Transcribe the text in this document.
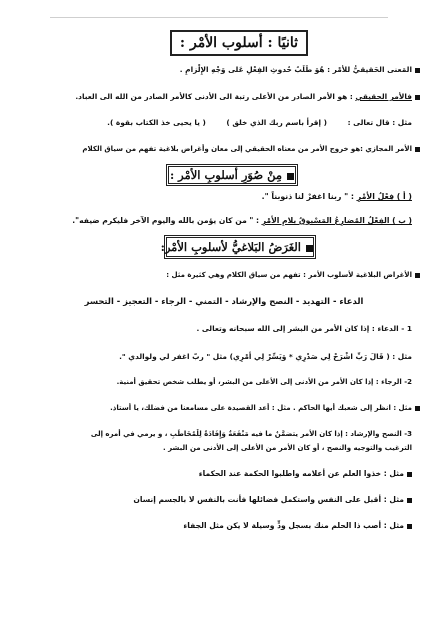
ثانيًا : أسلوب الأمْر :
المَعنى الحَقيقيُّ للأمْر : هُوَ طَلَبُ حُدوثِ الفِعْلِ عَلى وَجْهِ الإِلْزامِ .
فالأمر الحقيقي : هو الأمر الصادر من الأعلى رتبة الى الأدنى كالأمر الصادر من الله الى العباد.
مثل : قال تعالى : ( إقرأ باسم ربك الذي خلق ) ( يا يحيى خذ الكتاب بقوة ).
الأمر المجازي :هو خروج الأمر من معناه الحقيقي إلى معان وأغراض بلاغية تفهم من سياق الكلام
مِنْ صُوَرِ أسلوبِ الأمْر :
( أ ) فِعْلُ الأمْرِ : " ربنا اغفرْ لنا ذنوبناً ".
( ب ) الفِعْلُ المُضارِعُ المَسْبوقُ بلامِ الأمْرِ : " من كان يؤمن بالله واليوم الآخر فليكرم ضيفه".
الغَرَضُ البَلاغيُّ لأسلوبِ الأمْر:
الأغراض البلاغية لأسلوب الأمر : تفهم من سياق الكلام وهي كثيرة مثل :
الدعاء - التهديد - النصح والإرشاد - التمني - الرجاء - التعجيز - التحسر
1 - الدعاء : إذا كان الأمر من البشر إلى الله سبحانه وتعالى .
مثل : ( قَالَ رَبِّ اشْرَحْ لِي صَدْرِي * وَيَسِّرْ لِي أَمْرِي) مثل " ربّ اغفر لي ولوالدي ".
2- الرجاء : إذا كان الأمر من الأدنى إلى الأعلى من البشر، أو يطلب شخص تحقيق أمنية.
مثل : انظر إلى شعبك أيها الحاكم . مثل : أعد القصيدة على مسامعنا من فضلك، يا أستاذ.
3- النصح والإرشاد : إذا كان الأمر يتضمَّنُ ما فيه مَنْفَعَةٌ وَإِفَادَةٌ لِلْمُخَاطَبِ ، و يرمي في أمره إلى
الترغيب والتوجيه والنصح ، أو كان الأمر من الأعلى إلى الأدنى من البشر .
مثل : خذوا العلم عن أعلامه واطلبوا الحكمة عند الحكماء
مثل : أقبل على النفس واستكمل فضائلها فأنت بالنفس لا بالجسم إنسان
مثل : أصب ذا الحلم منك بسجل ودٍّ وسيلة لا يكن مثل الجفاء
